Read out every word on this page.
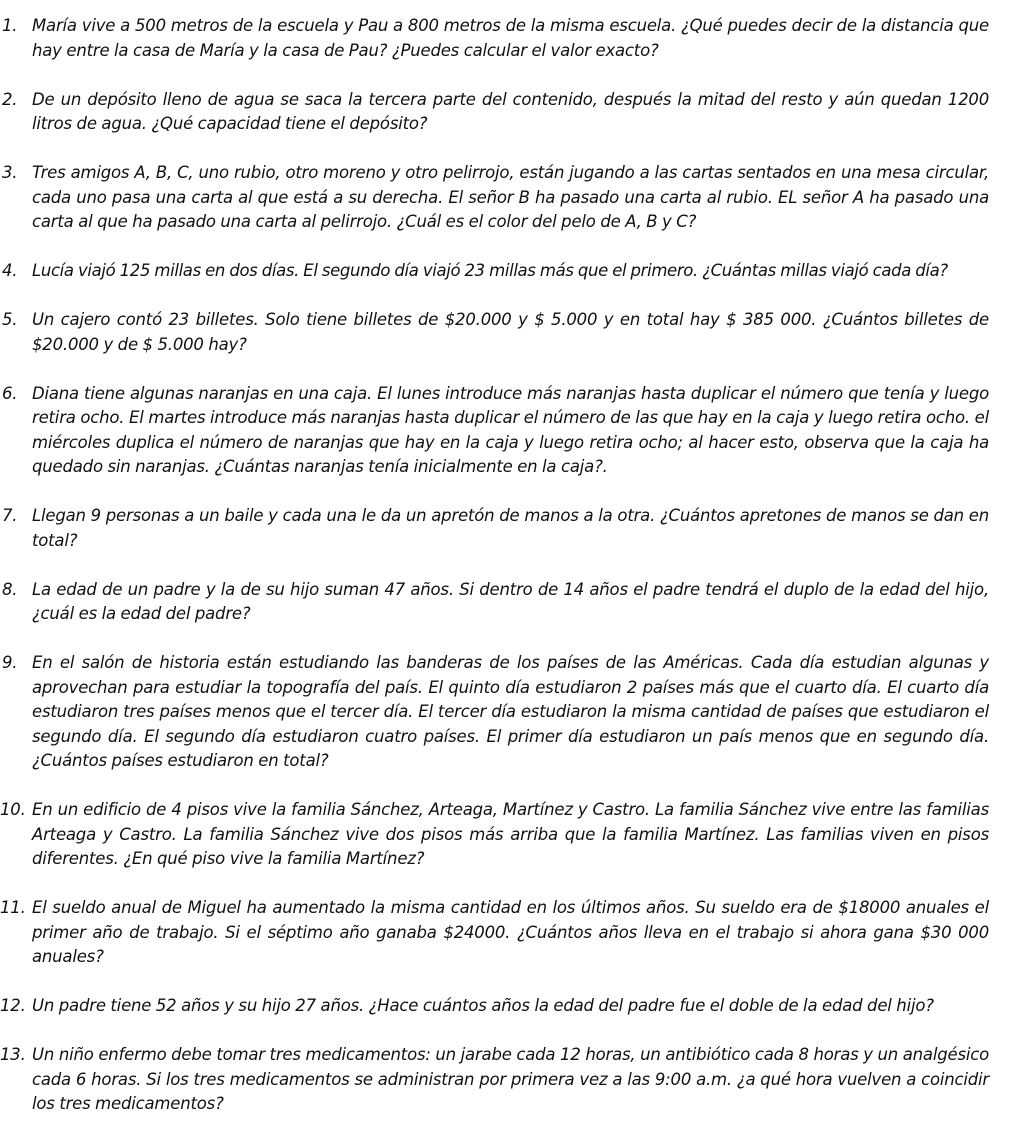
1. María vive a 500 metros de la escuela y Pau a 800 metros de la misma escuela. ¿Qué puedes decir de la distancia que hay entre la casa de María y la casa de Pau? ¿Puedes calcular el valor exacto?
2. De un depósito lleno de agua se saca la tercera parte del contenido, después la mitad del resto y aún quedan 1200 litros de agua. ¿Qué capacidad tiene el depósito?
3. Tres amigos A, B, C, uno rubio, otro moreno y otro pelirrojo, están jugando a las cartas sentados en una mesa circular, cada uno pasa una carta al que está a su derecha. El señor B ha pasado una carta al rubio. EL señor A ha pasado una carta al que ha pasado una carta al pelirrojo. ¿Cuál es el color del pelo de A, B y C?
4. Lucía viajó 125 millas en dos días. El segundo día viajó 23 millas más que el primero. ¿Cuántas millas viajó cada día?
5. Un cajero contó 23 billetes. Solo tiene billetes de $20.000 y $ 5.000 y en total hay $ 385 000. ¿Cuántos billetes de $20.000 y de $ 5.000 hay?
6. Diana tiene algunas naranjas en una caja. El lunes introduce más naranjas hasta duplicar el número que tenía y luego retira ocho. El martes introduce más naranjas hasta duplicar el número de las que hay en la caja y luego retira ocho. el miércoles duplica el número de naranjas que hay en la caja y luego retira ocho; al hacer esto, observa que la caja ha quedado sin naranjas. ¿Cuántas naranjas tenía inicialmente en la caja?.
7. Llegan 9 personas a un baile y cada una le da un apretón de manos a la otra. ¿Cuántos apretones de manos se dan en total?
8. La edad de un padre y la de su hijo suman 47 años. Si dentro de 14 años el padre tendrá el duplo de la edad del hijo, ¿cuál es la edad del padre?
9. En el salón de historia están estudiando las banderas de los países de las Américas. Cada día estudian algunas y aprovechan para estudiar la topografía del país. El quinto día estudiaron 2 países más que el cuarto día. El cuarto día estudiaron tres países menos que el tercer día. El tercer día estudiaron la misma cantidad de países que estudiaron el segundo día. El segundo día estudiaron cuatro países. El primer día estudiaron un país menos que en segundo día. ¿Cuántos países estudiaron en total?
10. En un edificio de 4 pisos vive la familia Sánchez, Arteaga, Martínez y Castro. La familia Sánchez vive entre las familias Arteaga y Castro. La familia Sánchez vive dos pisos más arriba que la familia Martínez. Las familias viven en pisos diferentes. ¿En qué piso vive la familia Martínez?
11. El sueldo anual de Miguel ha aumentado la misma cantidad en los últimos años. Su sueldo era de $18000 anuales el primer año de trabajo. Si el séptimo año ganaba $24000. ¿Cuántos años lleva en el trabajo si ahora gana $30 000 anuales?
12. Un padre tiene 52 años y su hijo 27 años. ¿Hace cuántos años la edad del padre fue el doble de la edad del hijo?
13. Un niño enfermo debe tomar tres medicamentos: un jarabe cada 12 horas, un antibiótico cada 8 horas y un analgésico cada 6 horas. Si los tres medicamentos se administran por primera vez a las 9:00 a.m. ¿a qué hora vuelven a coincidir los tres medicamentos?
